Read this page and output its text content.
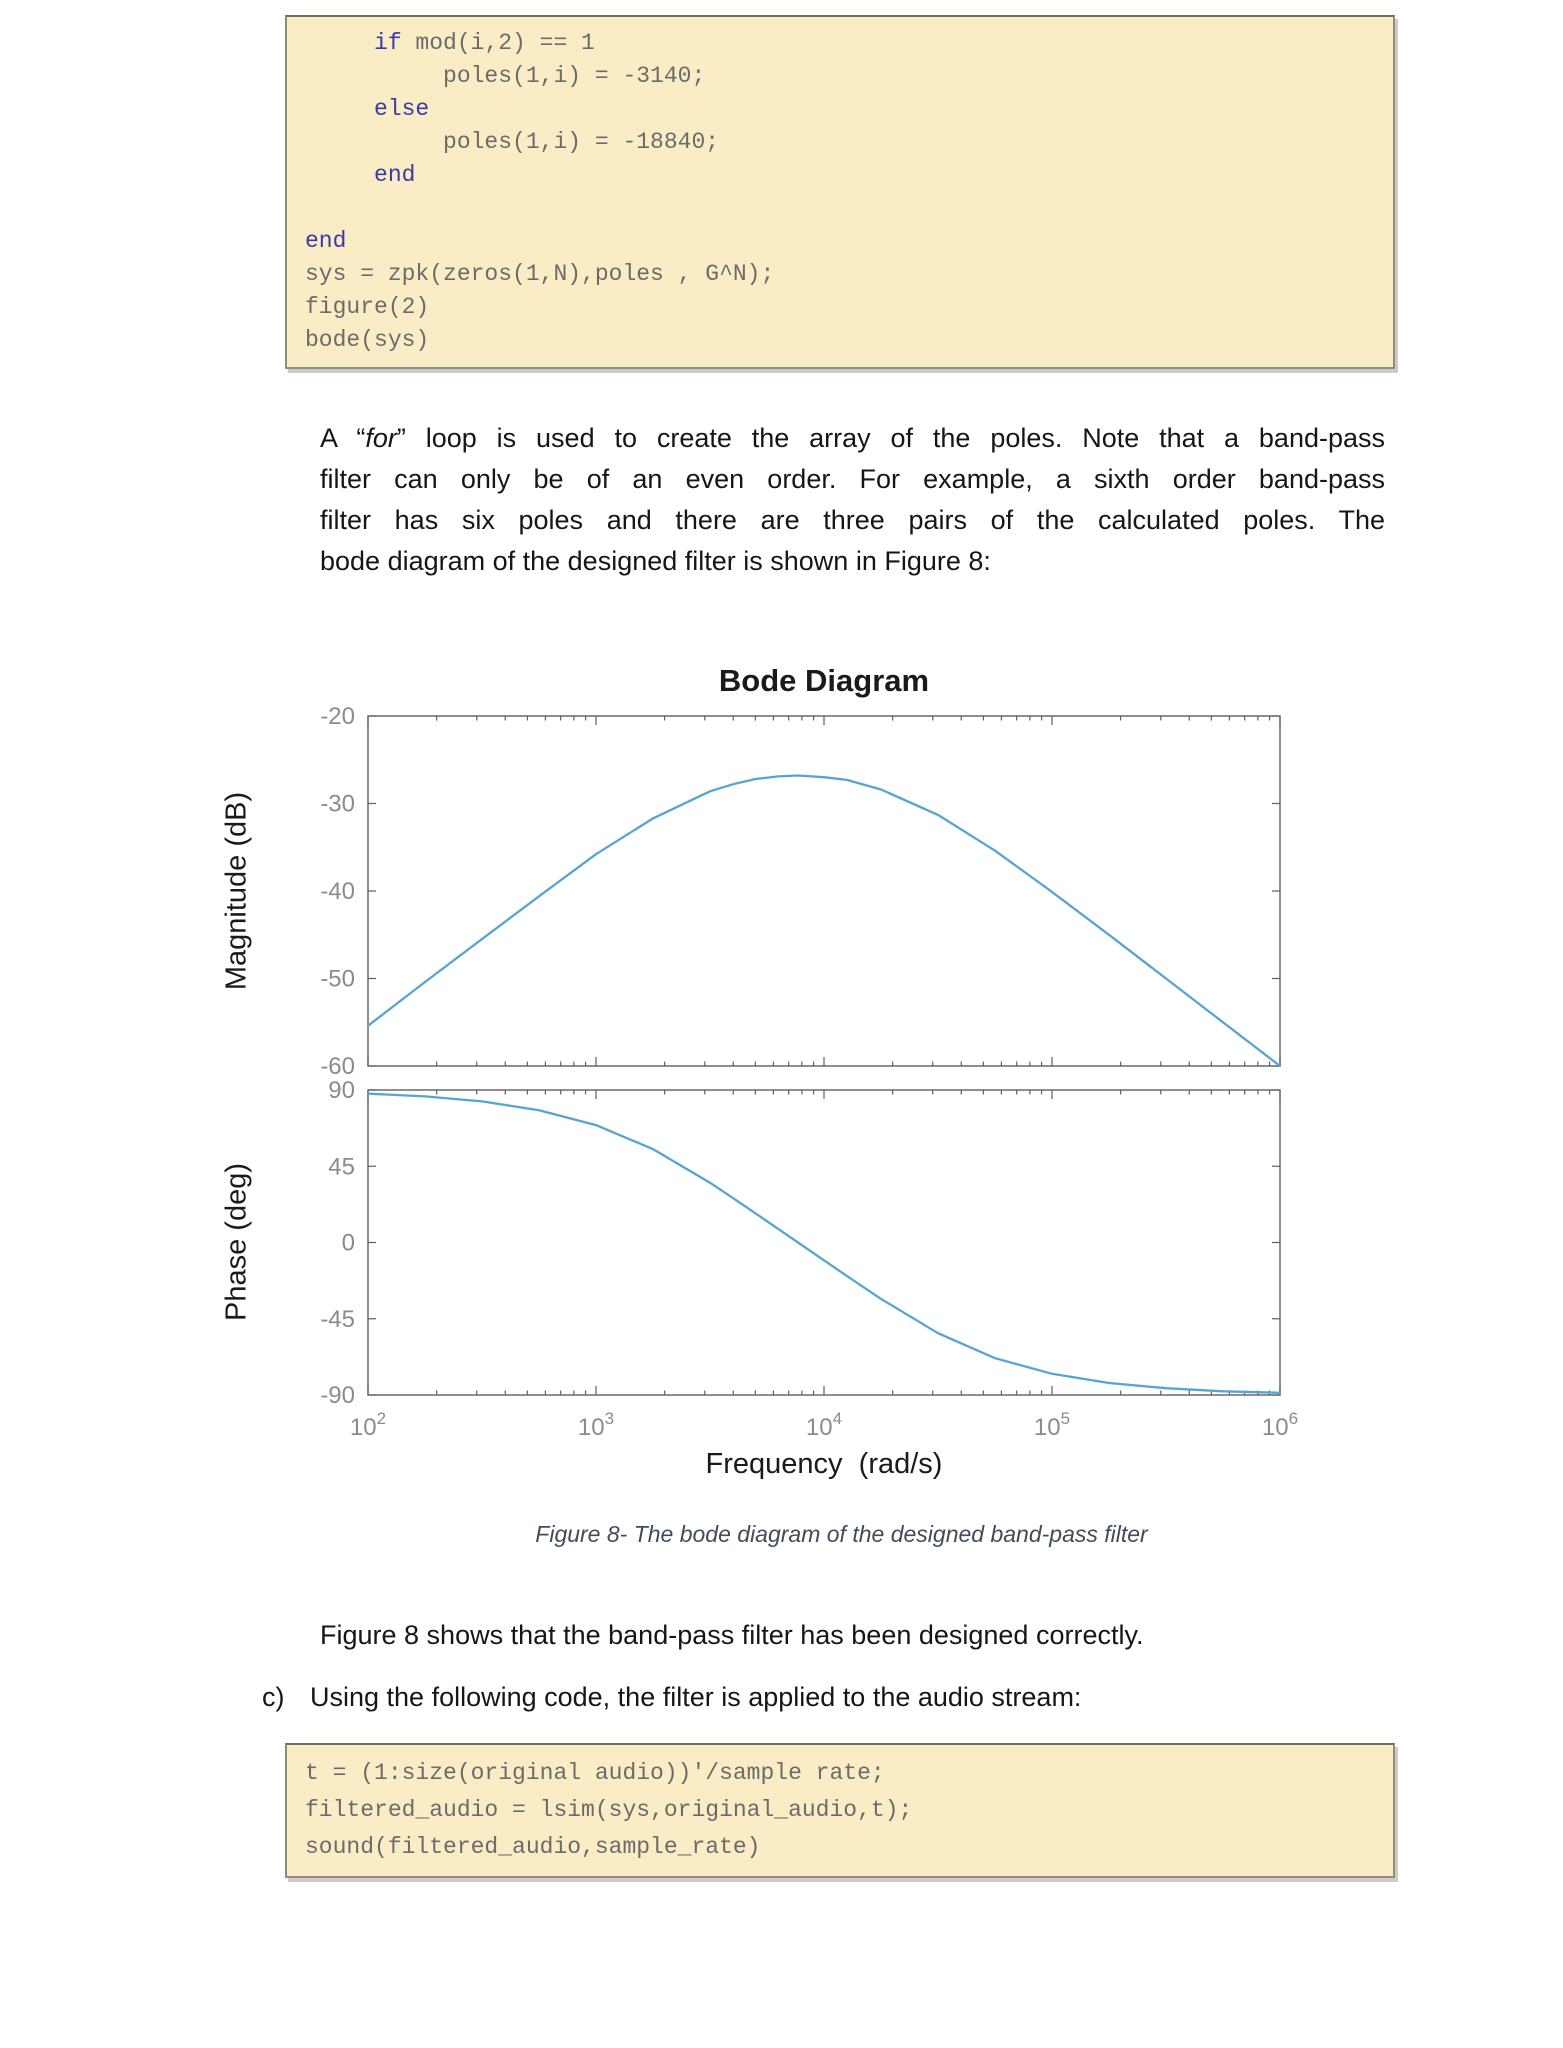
if mod(i,2) == 1
poles(1,i) = -3140;
else
poles(1,i) = -18840;
end
end
sys = zpk(zeros(1,N),poles , G^N);
figure(2)
bode(sys)
A “for” loop is used to create the array of the poles. Note that a band-pass
filter can only be of an even order. For example, a sixth order band-pass
filter has six poles and there are three pairs of the calculated poles. The
bode diagram of the designed filter is shown in Figure 8:
Bode Diagram
Magnitude (dB)
Phase (deg)
-20
-30
-40
-50
-60
90
45
0
-45
-90
$10^2$	$10^3$	$10^4$	$10^5$	$10^6$
Frequency  (rad/s)
Figure 8- The bode diagram of the designed band-pass filter
Figure 8 shows that the band-pass filter has been designed correctly.
c) Using the following code, the filter is applied to the audio stream:
t = (1:size(original audio))'/sample rate;
filtered_audio = lsim(sys,original_audio,t);
sound(filtered_audio,sample_rate)
